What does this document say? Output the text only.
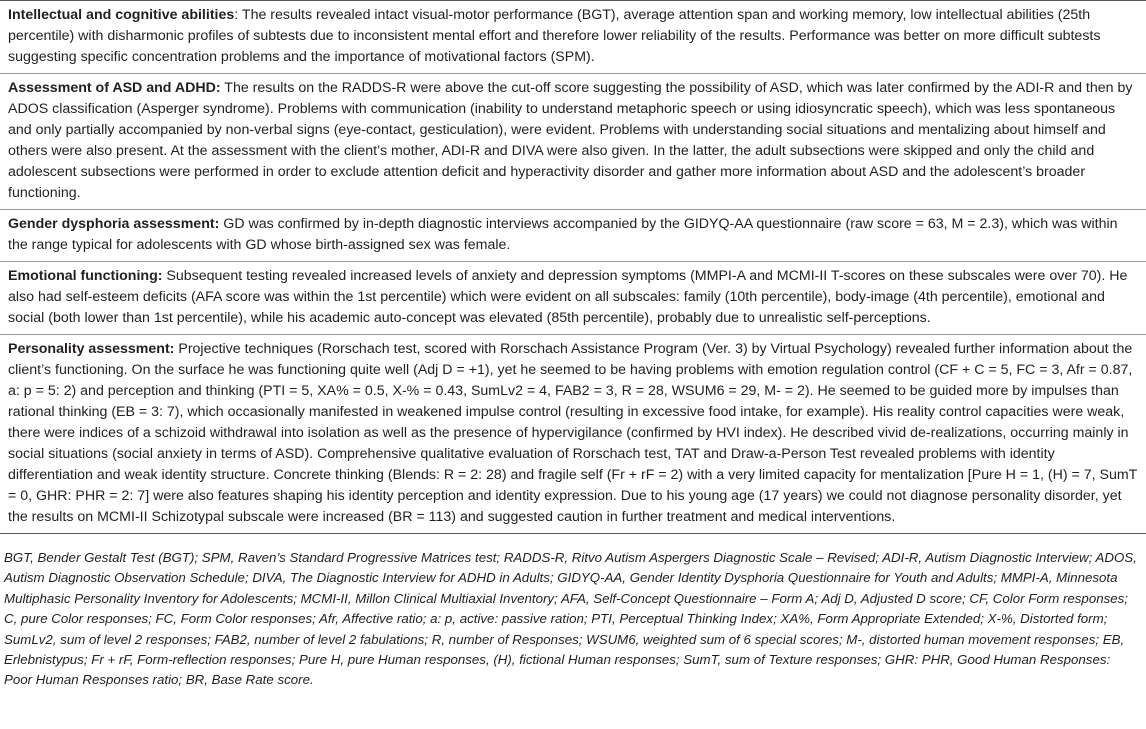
Intellectual and cognitive abilities: The results revealed intact visual-motor performance (BGT), average attention span and working memory, low intellectual abilities (25th percentile) with disharmonic profiles of subtests due to inconsistent mental effort and therefore lower reliability of the results. Performance was better on more difficult subtests suggesting specific concentration problems and the importance of motivational factors (SPM).
Assessment of ASD and ADHD: The results on the RADDS-R were above the cut-off score suggesting the possibility of ASD, which was later confirmed by the ADI-R and then by ADOS classification (Asperger syndrome). Problems with communication (inability to understand metaphoric speech or using idiosyncratic speech), which was less spontaneous and only partially accompanied by non-verbal signs (eye-contact, gesticulation), were evident. Problems with understanding social situations and mentalizing about himself and others were also present. At the assessment with the client’s mother, ADI-R and DIVA were also given. In the latter, the adult subsections were skipped and only the child and adolescent subsections were performed in order to exclude attention deficit and hyperactivity disorder and gather more information about ASD and the adolescent’s broader functioning.
Gender dysphoria assessment: GD was confirmed by in-depth diagnostic interviews accompanied by the GIDYQ-AA questionnaire (raw score = 63, M = 2.3), which was within the range typical for adolescents with GD whose birth-assigned sex was female.
Emotional functioning: Subsequent testing revealed increased levels of anxiety and depression symptoms (MMPI-A and MCMI-II T-scores on these subscales were over 70). He also had self-esteem deficits (AFA score was within the 1st percentile) which were evident on all subscales: family (10th percentile), body-image (4th percentile), emotional and social (both lower than 1st percentile), while his academic auto-concept was elevated (85th percentile), probably due to unrealistic self-perceptions.
Personality assessment: Projective techniques (Rorschach test, scored with Rorschach Assistance Program (Ver. 3) by Virtual Psychology) revealed further information about the client’s functioning. On the surface he was functioning quite well (Adj D = +1), yet he seemed to be having problems with emotion regulation control (CF + C = 5, FC = 3, Afr = 0.87, a: p = 5: 2) and perception and thinking (PTI = 5, XA% = 0.5, X-% = 0.43, SumLv2 = 4, FAB2 = 3, R = 28, WSUM6 = 29, M- = 2). He seemed to be guided more by impulses than rational thinking (EB = 3: 7), which occasionally manifested in weakened impulse control (resulting in excessive food intake, for example). His reality control capacities were weak, there were indices of a schizoid withdrawal into isolation as well as the presence of hypervigilance (confirmed by HVI index). He described vivid de-realizations, occurring mainly in social situations (social anxiety in terms of ASD). Comprehensive qualitative evaluation of Rorschach test, TAT and Draw-a-Person Test revealed problems with identity differentiation and weak identity structure. Concrete thinking (Blends: R = 2: 28) and fragile self (Fr + rF = 2) with a very limited capacity for mentalization [Pure H = 1, (H) = 7, SumT = 0, GHR: PHR = 2: 7] were also features shaping his identity perception and identity expression. Due to his young age (17 years) we could not diagnose personality disorder, yet the results on MCMI-II Schizotypal subscale were increased (BR = 113) and suggested caution in further treatment and medical interventions.
BGT, Bender Gestalt Test (BGT); SPM, Raven’s Standard Progressive Matrices test; RADDS-R, Ritvo Autism Aspergers Diagnostic Scale – Revised; ADI-R, Autism Diagnostic Interview; ADOS, Autism Diagnostic Observation Schedule; DIVA, The Diagnostic Interview for ADHD in Adults; GIDYQ-AA, Gender Identity Dysphoria Questionnaire for Youth and Adults; MMPI-A, Minnesota Multiphasic Personality Inventory for Adolescents; MCMI-II, Millon Clinical Multiaxial Inventory; AFA, Self-Concept Questionnaire – Form A; Adj D, Adjusted D score; CF, Color Form responses; C, pure Color responses; FC, Form Color responses; Afr, Affective ratio; a: p, active: passive ration; PTI, Perceptual Thinking Index; XA%, Form Appropriate Extended; X-%, Distorted form; SumLv2, sum of level 2 responses; FAB2, number of level 2 fabulations; R, number of Responses; WSUM6, weighted sum of 6 special scores; M-, distorted human movement responses; EB, Erlebnistypus; Fr + rF, Form-reflection responses; Pure H, pure Human responses, (H), fictional Human responses; SumT, sum of Texture responses; GHR: PHR, Good Human Responses: Poor Human Responses ratio; BR, Base Rate score.
